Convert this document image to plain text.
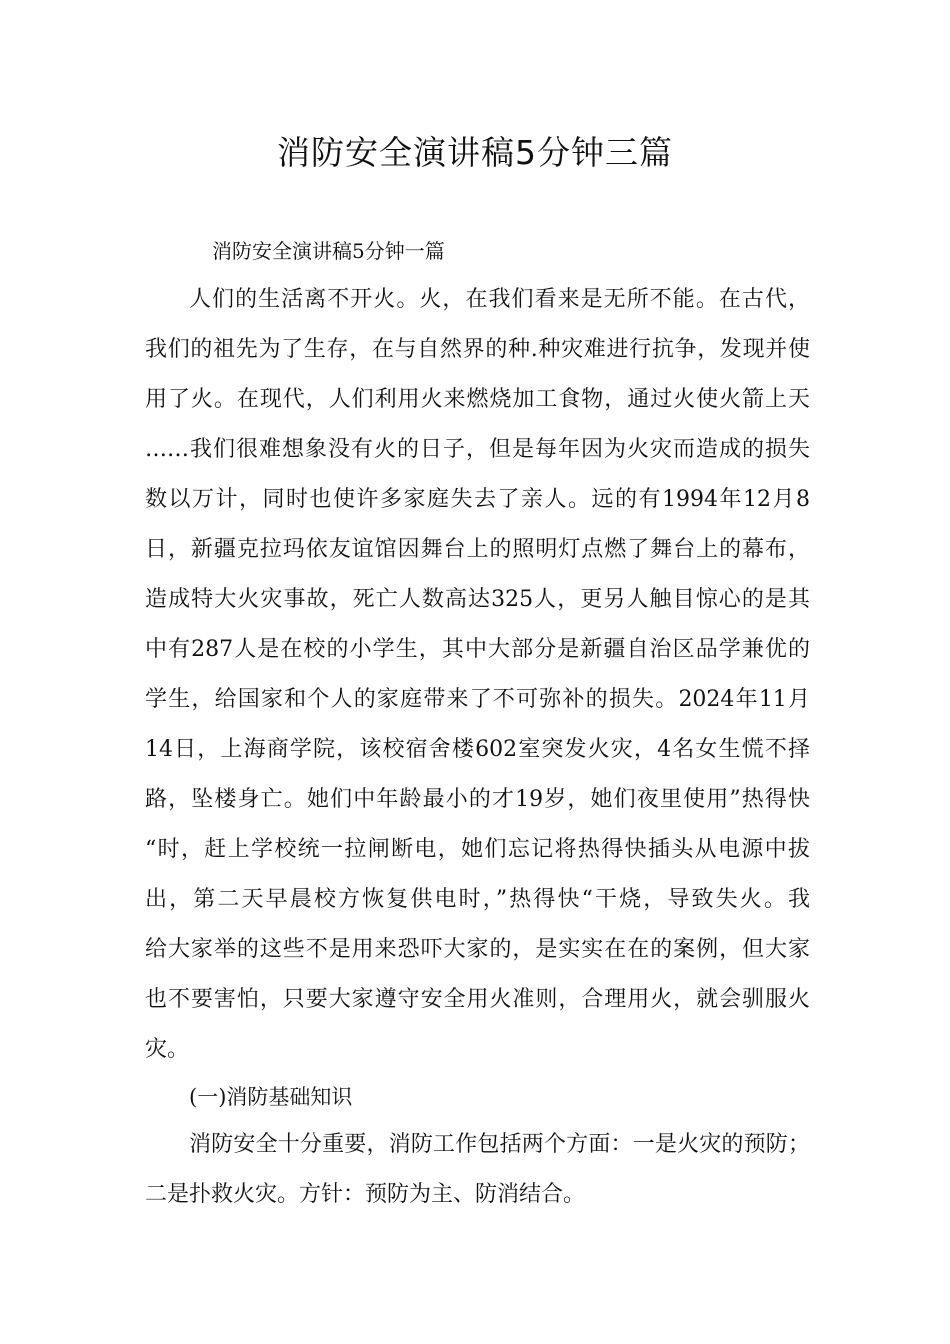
消防安全演讲稿5分钟三篇

消防安全演讲稿5分钟一篇

人们的生活离不开火。火，在我们看来是无所不能。在古代，
我们的祖先为了生存，在与自然界的种.种灾难进行抗争，发现并使
用了火。在现代，人们利用火来燃烧加工食物，通过火使火箭上天
……我们很难想象没有火的日子，但是每年因为火灾而造成的损失
数以万计，同时也使许多家庭失去了亲人。远的有1994年12月8
日，新疆克拉玛依友谊馆因舞台上的照明灯点燃了舞台上的幕布，
造成特大火灾事故，死亡人数高达325人，更另人触目惊心的是其
中有287人是在校的小学生，其中大部分是新疆自治区品学兼优的
学生，给国家和个人的家庭带来了不可弥补的损失。2024年11月
14日，上海商学院，该校宿舍楼602室突发火灾，4名女生慌不择
路，坠楼身亡。她们中年龄最小的才19岁，她们夜里使用”热得快
“时，赶上学校统一拉闸断电，她们忘记将热得快插头从电源中拔
出，第二天早晨校方恢复供电时，”热得快“干烧，导致失火。我
给大家举的这些不是用来恐吓大家的，是实实在在的案例，但大家
也不要害怕，只要大家遵守安全用火准则，合理用火，就会驯服火
灾。

(一)消防基础知识

消防安全十分重要，消防工作包括两个方面：一是火灾的预防；
二是扑救火灾。方针：预防为主、防消结合。
